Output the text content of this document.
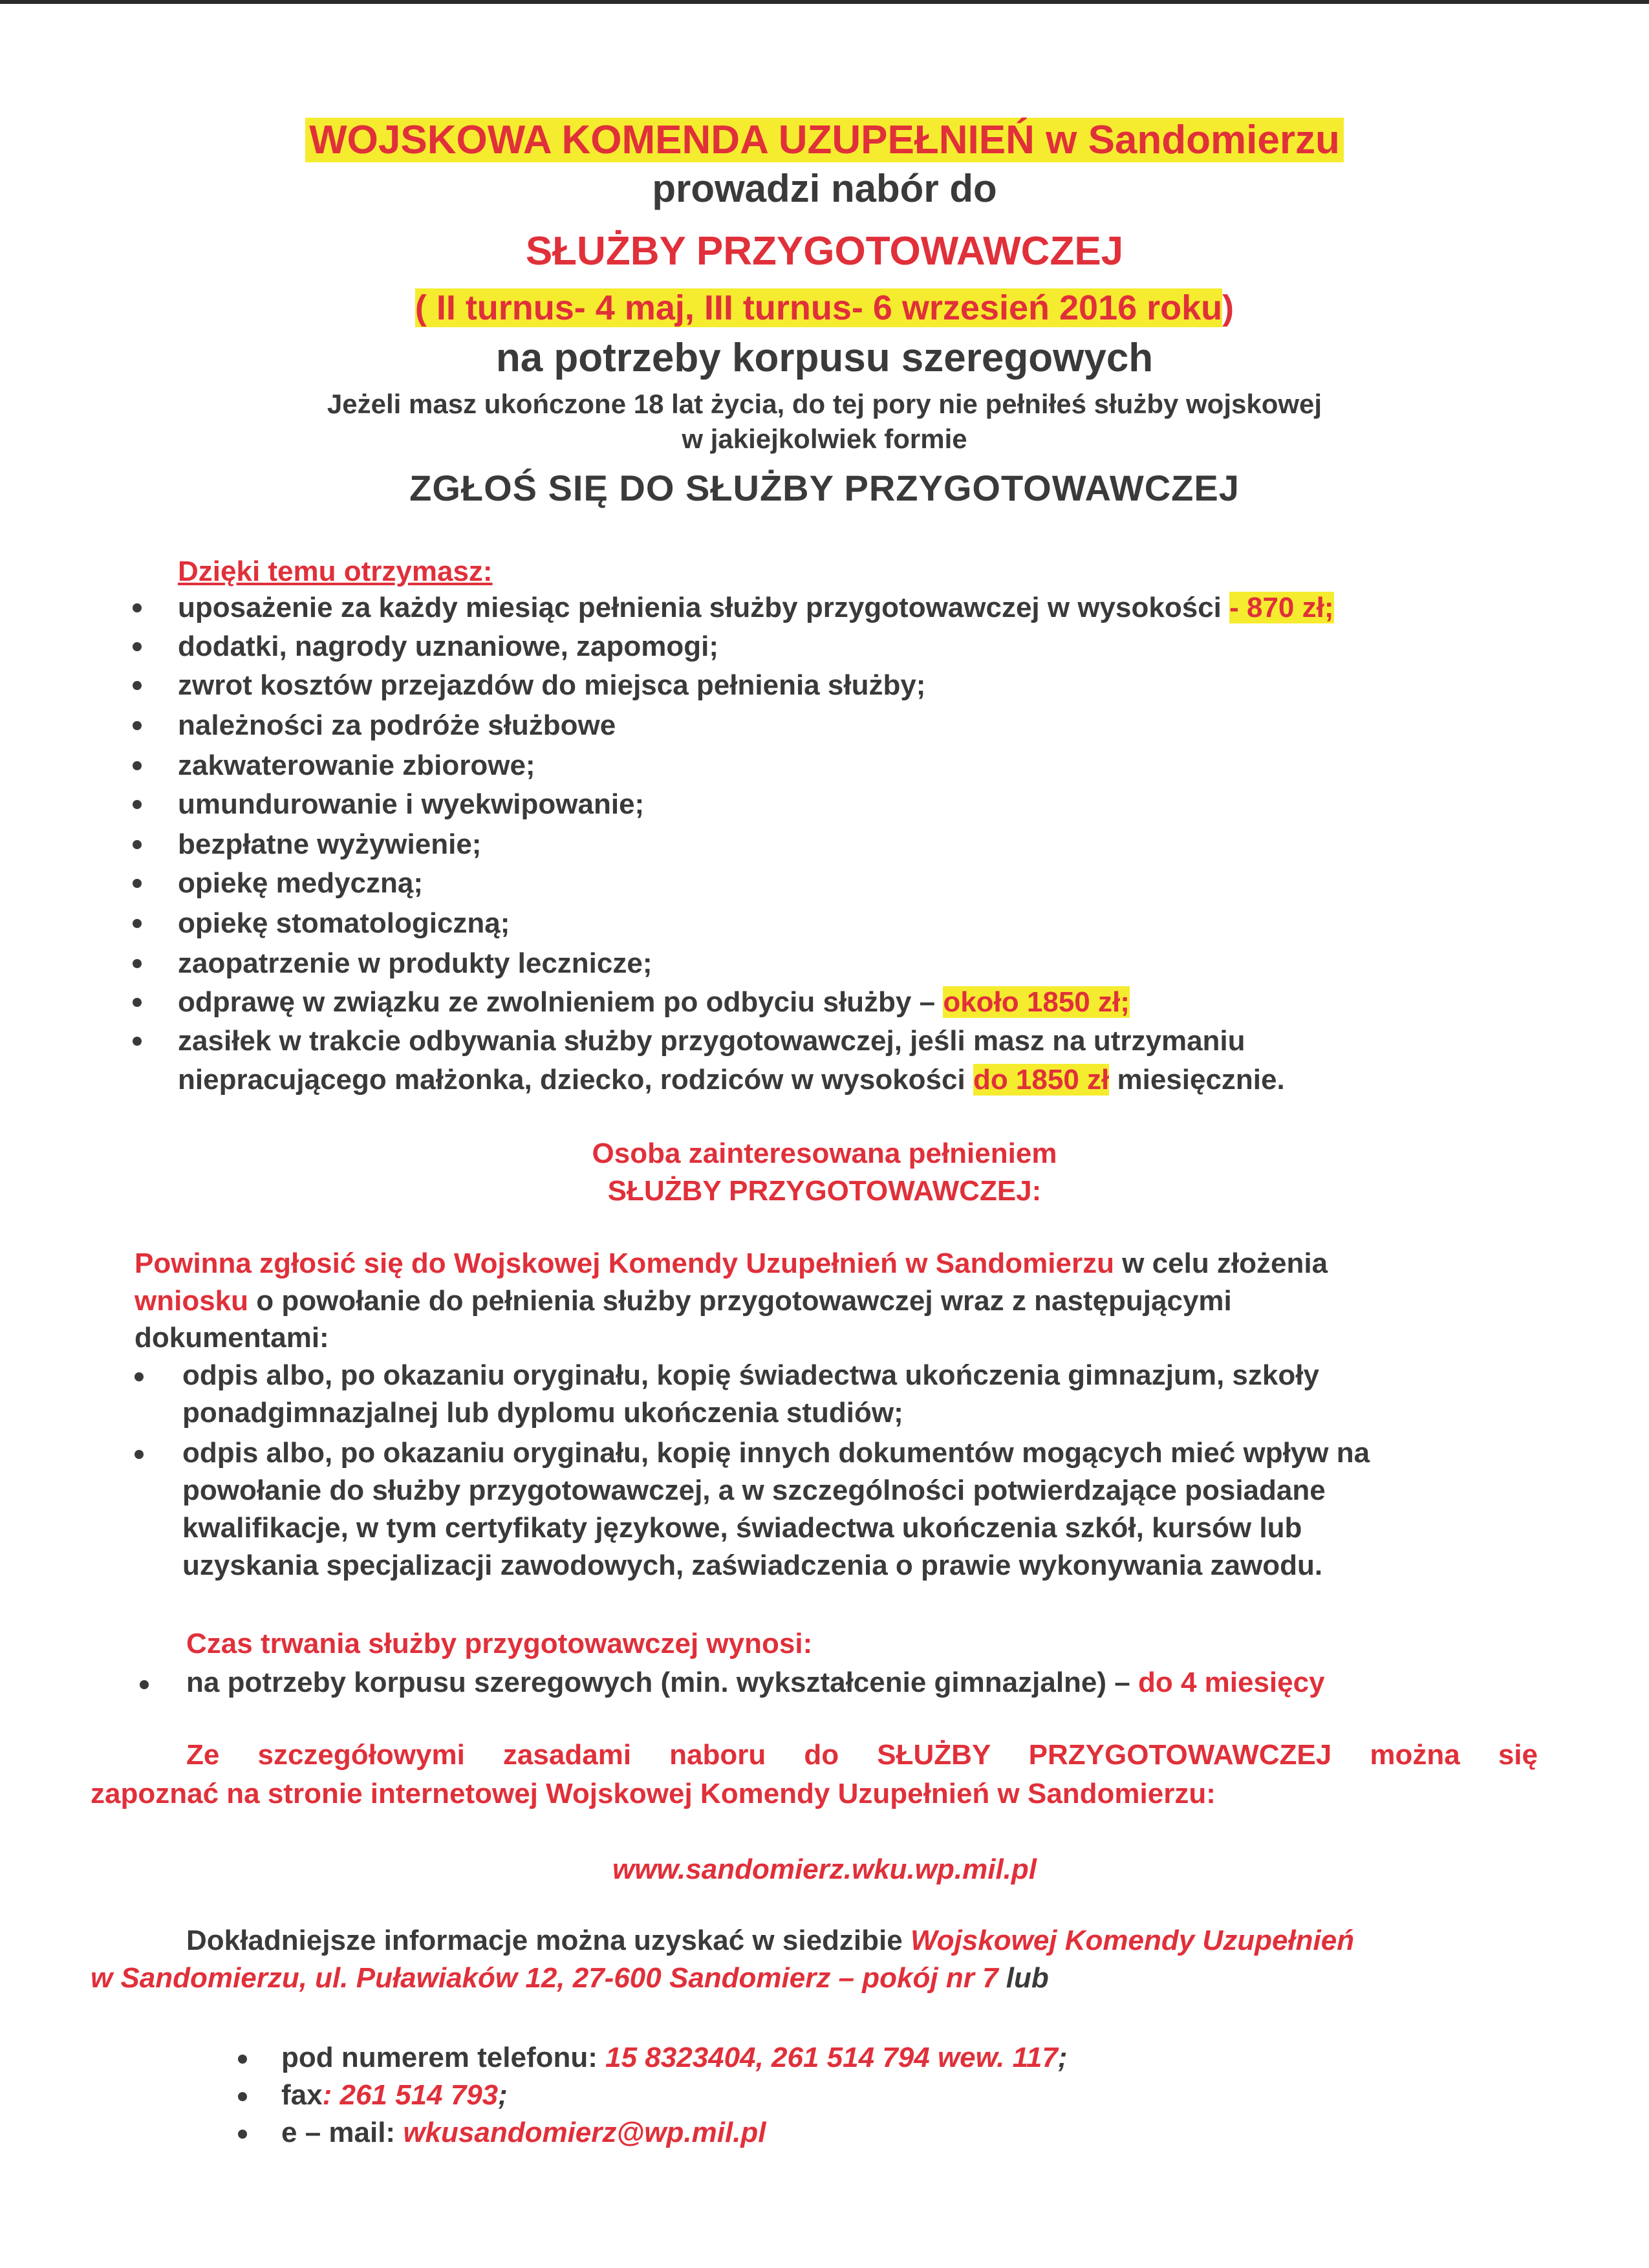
WOJSKOWA KOMENDA UZUPEŁNIEŃ w Sandomierzu
prowadzi nabór do
SŁUŻBY PRZYGOTOWAWCZEJ
( II turnus- 4 maj, III turnus- 6 wrzesień 2016 roku)
na potrzeby korpusu szeregowych
Jeżeli masz ukończone 18 lat życia, do tej pory nie pełniłeś służby wojskowej
w jakiejkolwiek formie
ZGŁOŚ SIĘ DO SŁUŻBY PRZYGOTOWAWCZEJ
Dzięki temu otrzymasz:
uposażenie za każdy miesiąc pełnienia służby przygotowawczej w wysokości - 870 zł;
dodatki, nagrody uznaniowe, zapomogi;
zwrot kosztów przejazdów do miejsca pełnienia służby;
należności za podróże służbowe
zakwaterowanie zbiorowe;
umundurowanie i wyekwipowanie;
bezpłatne wyżywienie;
opiekę medyczną;
opiekę stomatologiczną;
zaopatrzenie w produkty lecznicze;
odprawę w związku ze zwolnieniem po odbyciu służby – około 1850 zł;
zasiłek w trakcie odbywania służby przygotowawczej, jeśli masz na utrzymaniu
niepracującego małżonka, dziecko, rodziców w wysokości do 1850 zł miesięcznie.
Osoba zainteresowana pełnieniem
SŁUŻBY PRZYGOTOWAWCZEJ:
Powinna zgłosić się do Wojskowej Komendy Uzupełnień w Sandomierzu w celu złożenia
wniosku o powołanie do pełnienia służby przygotowawczej wraz z następującymi
dokumentami:
odpis albo, po okazaniu oryginału, kopię świadectwa ukończenia gimnazjum, szkoły
ponadgimnazjalnej lub dyplomu ukończenia studiów;
odpis albo, po okazaniu oryginału, kopię innych dokumentów mogących mieć wpływ na
powołanie do służby przygotowawczej, a w szczególności potwierdzające posiadane
kwalifikacje, w tym certyfikaty językowe, świadectwa ukończenia szkół, kursów lub
uzyskania specjalizacji zawodowych, zaświadczenia o prawie wykonywania zawodu.
Czas trwania służby przygotowawczej wynosi:
na potrzeby korpusu szeregowych (min. wykształcenie gimnazjalne) – do 4 miesięcy
Ze szczegółowymi zasadami naboru do SŁUŻBY PRZYGOTOWAWCZEJ można się
zapoznać na stronie internetowej Wojskowej Komendy Uzupełnień w Sandomierzu:
www.sandomierz.wku.wp.mil.pl
Dokładniejsze informacje można uzyskać w siedzibie Wojskowej Komendy Uzupełnień
w Sandomierzu, ul. Puławiaków 12, 27-600 Sandomierz – pokój nr 7 lub
pod numerem telefonu: 15 8323404, 261 514 794 wew. 117;
fax: 261 514 793;
e – mail: wkusandomierz@wp.mil.pl
